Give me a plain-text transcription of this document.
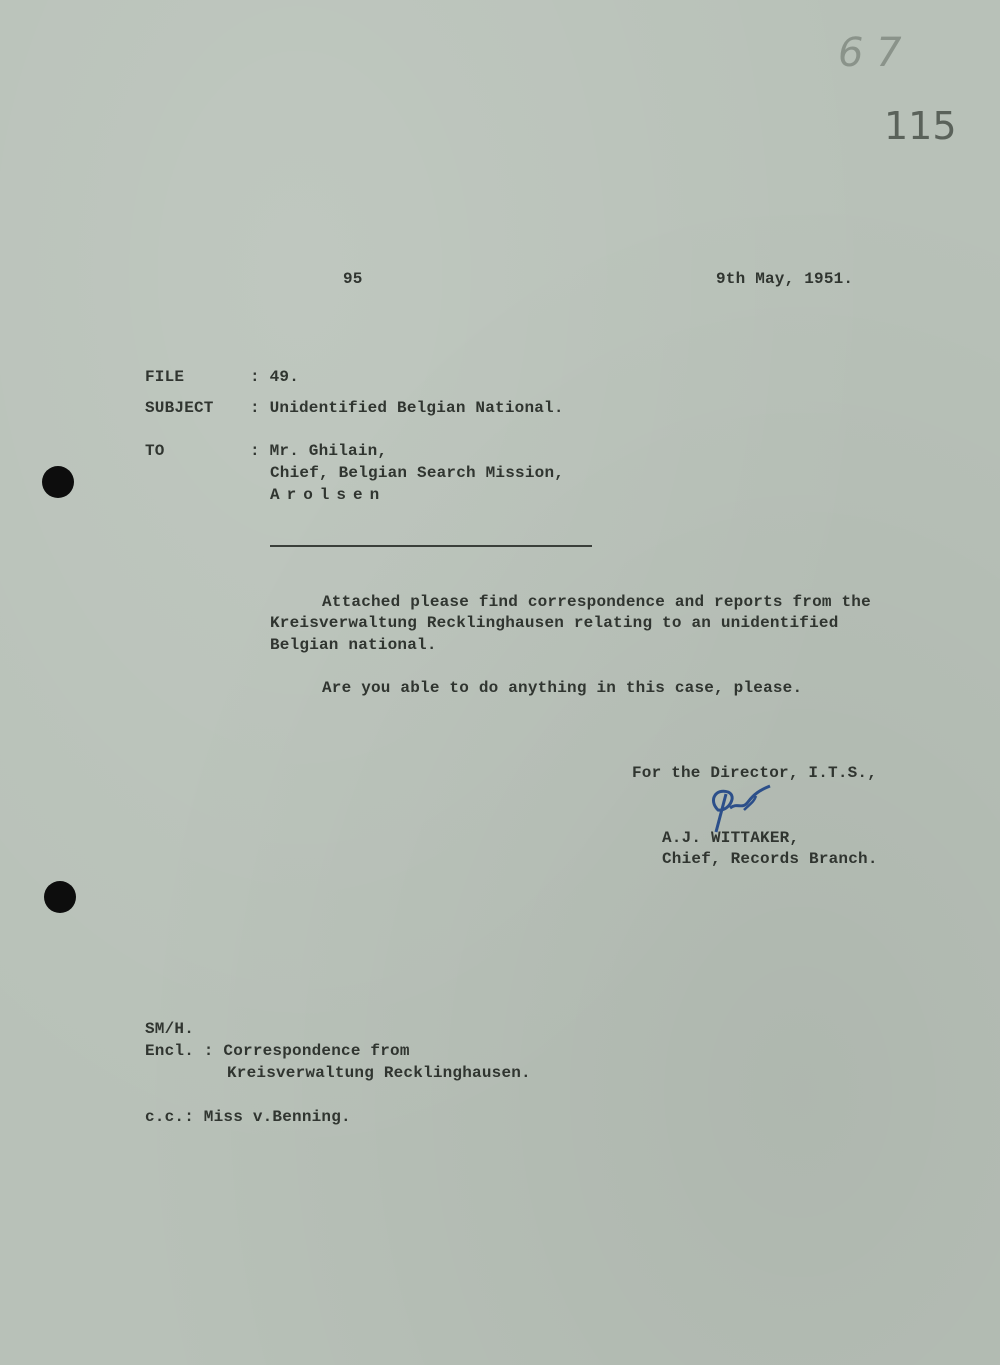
6 7
115
95	9th May, 1951.
FILE	: 49.
SUBJECT : Unidentified Belgian National.
TO	: Mr. Ghilain,
Chief, Belgian Search Mission,
Arolsen
Attached please find correspondence and reports from the
Kreisverwaltung Recklinghausen relating to an unidentified
Belgian national.
Are you able to do anything in this case, please.
For the Director, I.T.S.,
A.J. WITTAKER,
Chief, Records Branch.
SM/H.
Encl. : Correspondence from
Kreisverwaltung Recklinghausen.
c.c.: Miss v.Benning.
